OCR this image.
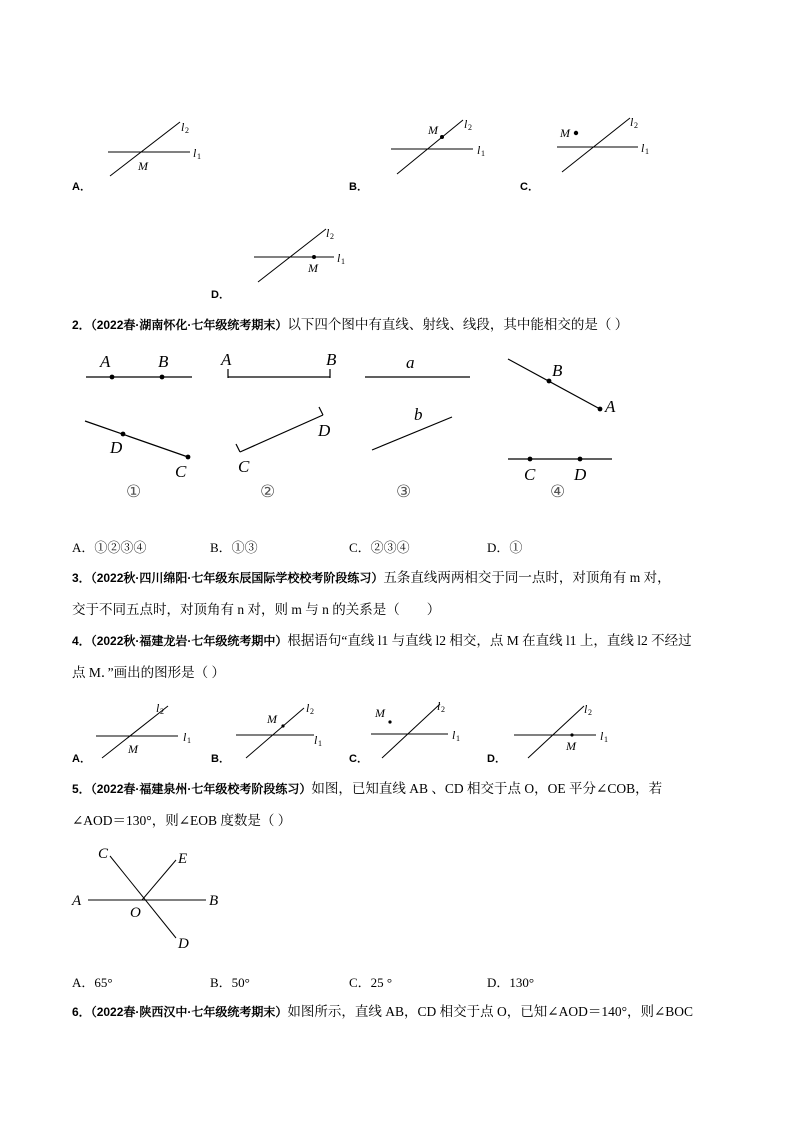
l 2
l 1
M
A．
M l 2
l 1
B．
M
l 2
l 1
C．
M
l 2
l 1
D．
2．（2022春·湖南怀化·七年级统考期末）以下四个图中有直线、射线、线段，其中能相交的是（ ）
A	B
D
C
①
A	B
D
C
②
a
b
③
B
A
C D
④
A．①②③④	B．①③	C．②③④	D．①
3．（2022秋·四川绵阳·七年级东辰国际学校校考阶段练习）五条直线两两相交于同一点时，对顶角有 m 对，
交于不同五点时，对顶角有 n 对，则 m 与 n 的关系是（　　）
4．（2022秋·福建龙岩·七年级统考期中）根据语句“直线 l1 与直线 l2 相交，点 M 在直线 l1 上，直线 l2 不经过
点 M．”画出的图形是（ ）
l 2
l 1
M
A．
M
l 2
l 1
B．
M	l 2
l 1
C．
M
l 2
l 1
D．
5．（2022春·福建泉州·七年级校考阶段练习）如图，已知直线 AB 、CD 相交于点 O，OE 平分∠COB，若
∠AOD＝130°，则∠EOB 度数是（ ）
A	B
C	E
O
D
A．65°	B．50°	C．25 °	D．130°
6．（2022春·陕西汉中·七年级统考期末）如图所示，直线 AB，CD 相交于点 O，已知∠AOD＝140°，则∠BOC
